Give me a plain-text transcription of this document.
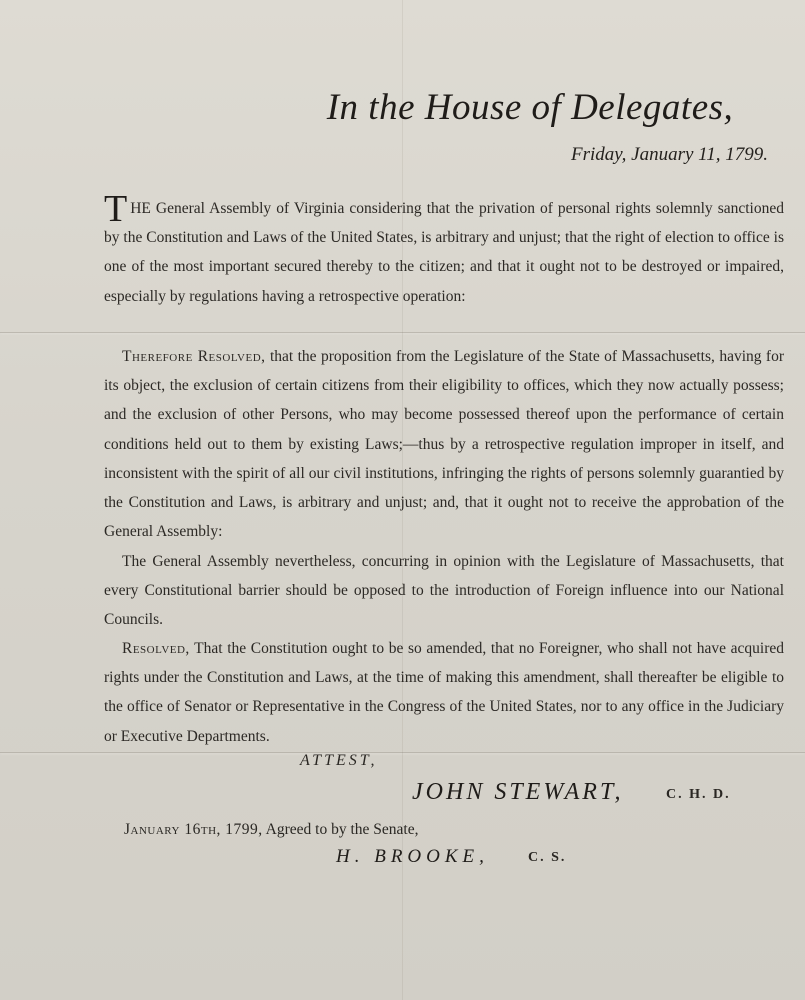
In the House of Delegates,
Friday, January 11, 1799.

THE General Assembly of Virginia considering that the privation of personal rights solemnly sanctioned by the Constitution and Laws of the United States, is arbitrary and unjust; that the right of election to office is one of the most important secured thereby to the citizen; and that it ought not to be destroyed or impaired, especially by regulations having a retrospective operation:

Therefore Resolved, that the proposition from the Legislature of the State of Massachusetts, having for its object, the exclusion of certain citizens from their eligibility to offices, which they now actually possess; and the exclusion of other Persons, who may become possessed thereof upon the performance of certain conditions held out to them by existing Laws;—thus by a retrospective regulation improper in itself, and inconsistent with the spirit of all our civil institutions, infringing the rights of persons solemnly guarantied by the Constitution and Laws, is arbitrary and unjust; and, that it ought not to receive the approbation of the General Assembly:

The General Assembly nevertheless, concurring in opinion with the Legislature of Massachusetts, that every Constitutional barrier should be opposed to the introduction of Foreign influence into our National Councils.

Resolved, That the Constitution ought to be so amended, that no Foreigner, who shall not have acquired rights under the Constitution and Laws, at the time of making this amendment, shall thereafter be eligible to the office of Senator or Representative in the Congress of the United States, nor to any office in the Judiciary or Executive Departments.

ATTEST,
JOHN STEWART,	C. H. D.
January 16th, 1799, Agreed to by the Senate,
H. BROOKE,	C. S.
